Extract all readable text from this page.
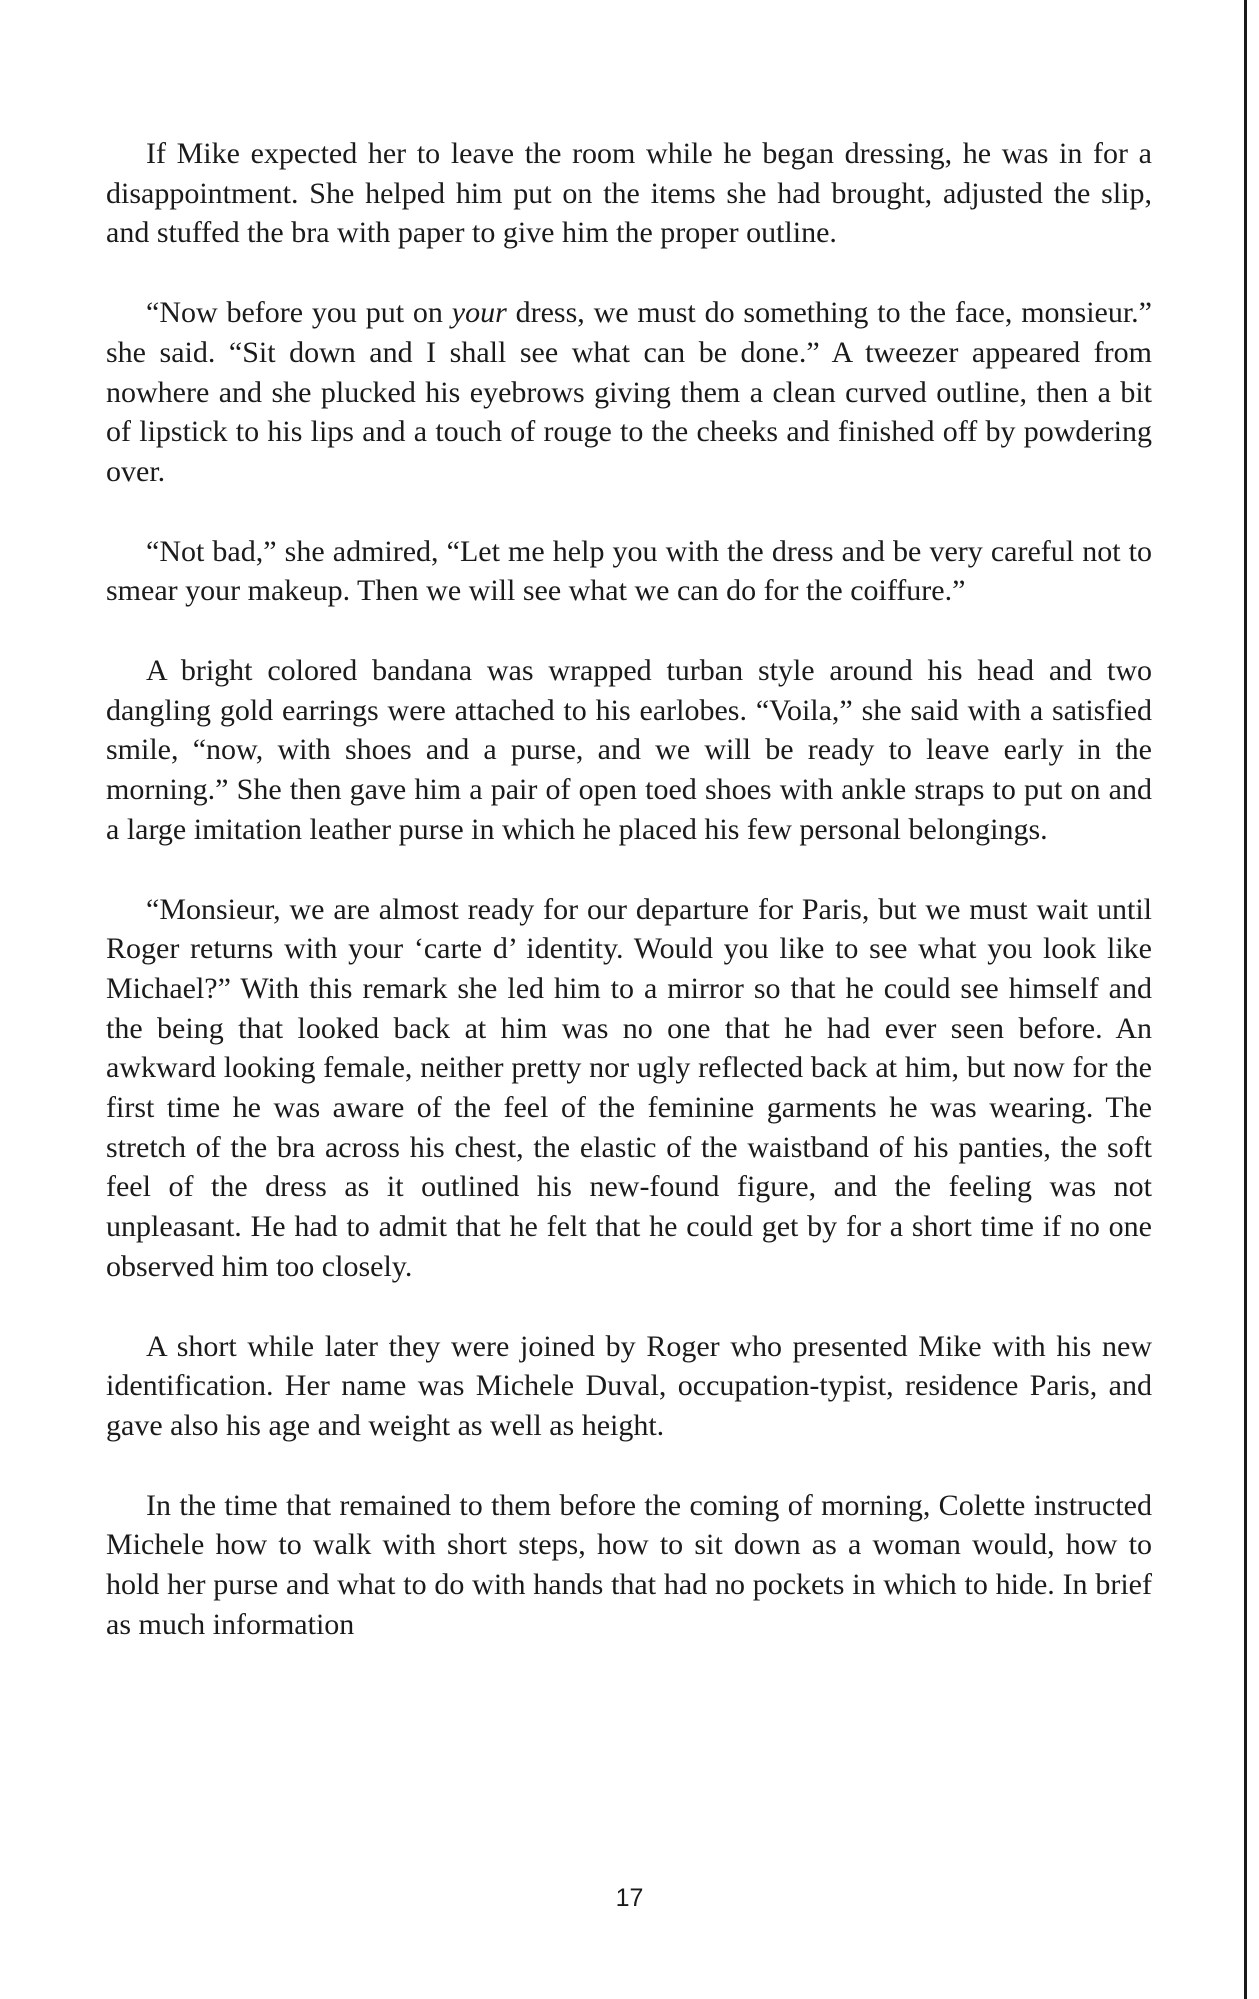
If Mike expected her to leave the room while he began dressing, he was in for a disappointment. She helped him put on the items she had brought, adjusted the slip, and stuffed the bra with paper to give him the proper outline.

“Now before you put on your dress, we must do something to the face, monsieur.” she said. “Sit down and I shall see what can be done.” A tweezer appeared from nowhere and she plucked his eyebrows giving them a clean curved outline, then a bit of lipstick to his lips and a touch of rouge to the cheeks and finished off by powdering over.

“Not bad,” she admired, “Let me help you with the dress and be very careful not to smear your makeup. Then we will see what we can do for the coiffure.”

A bright colored bandana was wrapped turban style around his head and two dangling gold earrings were attached to his earlobes. “Voila,” she said with a satisfied smile, “now, with shoes and a purse, and we will be ready to leave early in the morning.” She then gave him a pair of open toed shoes with ankle straps to put on and a large imitation leather purse in which he placed his few personal belongings.

“Monsieur, we are almost ready for our departure for Paris, but we must wait until Roger returns with your ‘carte d’ identity. Would you like to see what you look like Michael?” With this remark she led him to a mirror so that he could see himself and the being that looked back at him was no one that he had ever seen before. An awkward looking female, neither pretty nor ugly reflected back at him, but now for the first time he was aware of the feel of the feminine garments he was wearing. The stretch of the bra across his chest, the elastic of the waistband of his panties, the soft feel of the dress as it outlined his new-found figure, and the feeling was not unpleasant. He had to admit that he felt that he could get by for a short time if no one observed him too closely.

A short while later they were joined by Roger who presented Mike with his new identification. Her name was Michele Duval, occupation-typist, residence Paris, and gave also his age and weight as well as height.

In the time that remained to them before the coming of morning, Colette instructed Michele how to walk with short steps, how to sit down as a woman would, how to hold her purse and what to do with hands that had no pockets in which to hide. In brief as much information

17
